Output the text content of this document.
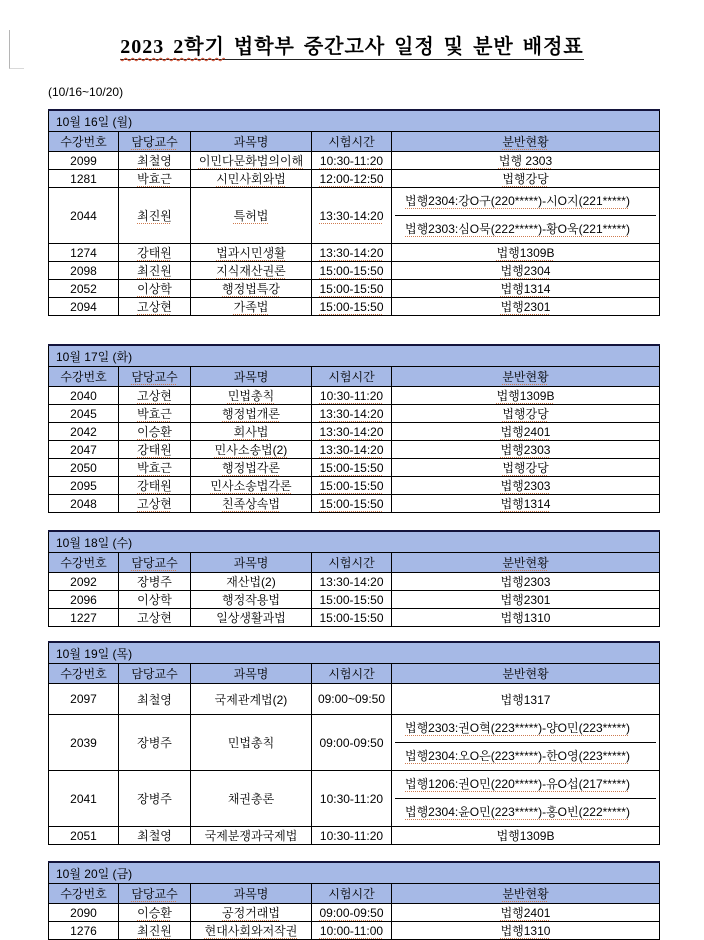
2023 2학기 법학부 중간고사 일정 및 분반 배정표
(10/16~10/20)
10월 16일 (월)				
수강번호	담당교수	과목명	시험시간	분반현황
2099	최철영	이민다문화법의이해	10:30-11:20	법행 2303
1281	박효근	시민사회와법	12:00-12:50	법행강당
2044	최진원	특허법	13:30-14:20	법행2304:강O구(220*****)-시O지(221*****)
법행2303:심O묵(222*****)-황O욱(221*****)

1274	강태원	법과시민생활	13:30-14:20	법행1309B
2098	최진원	지식재산권론	15:00-15:50	법행2304
2052	이상학	행정법특강	15:00-15:50	법행1314
2094	고상현	가족법	15:00-15:50	법행2301
10월 17일 (화)				
수강번호	담당교수	과목명	시험시간	분반현황
2040	고상현	민법총칙	10:30-11:20	법행1309B
2045	박효근	행정법개론	13:30-14:20	법행강당
2042	이승환	회사법	13:30-14:20	법행2401
2047	강태원	민사소송법(2)	13:30-14:20	법행2303
2050	박효근	행정법각론	15:00-15:50	법행강당
2095	강태원	민사소송법각론	15:00-15:50	법행2303
2048	고상현	친족상속법	15:00-15:50	법행1314
10월 18일 (수)				
수강번호	담당교수	과목명	시험시간	분반현황
2092	장병주	재산법(2)	13:30-14:20	법행2303
2096	이상학	행정작용법	15:00-15:50	법행2301
1227	고상현	일상생활과법	15:00-15:50	법행1310
10월 19일 (목)				
수강번호	담당교수	과목명	시험시간	분반현황
2097	최철영	국제관계법(2)	09:00~09:50	법행1317
2039	장병주	민법총칙	09:00-09:50	법행2303:권O혁(223*****)-양O민(223*****)
법행2304:오O은(223*****)-한O영(223*****)

2041	장병주	채권총론	10:30-11:20	법행1206:권O민(220*****)-유O섭(217*****)
법행2304:윤O민(223*****)-홍O빈(222*****)

2051	최철영	국제분쟁과국제법	10:30-11:20	법행1309B
10월 20일 (금)				
수강번호	담당교수	과목명	시험시간	분반현황
2090	이승환	공정거래법	09:00-09:50	법행2401
1276	최진원	현대사회와저작권	10:00-11:00	법행1310
